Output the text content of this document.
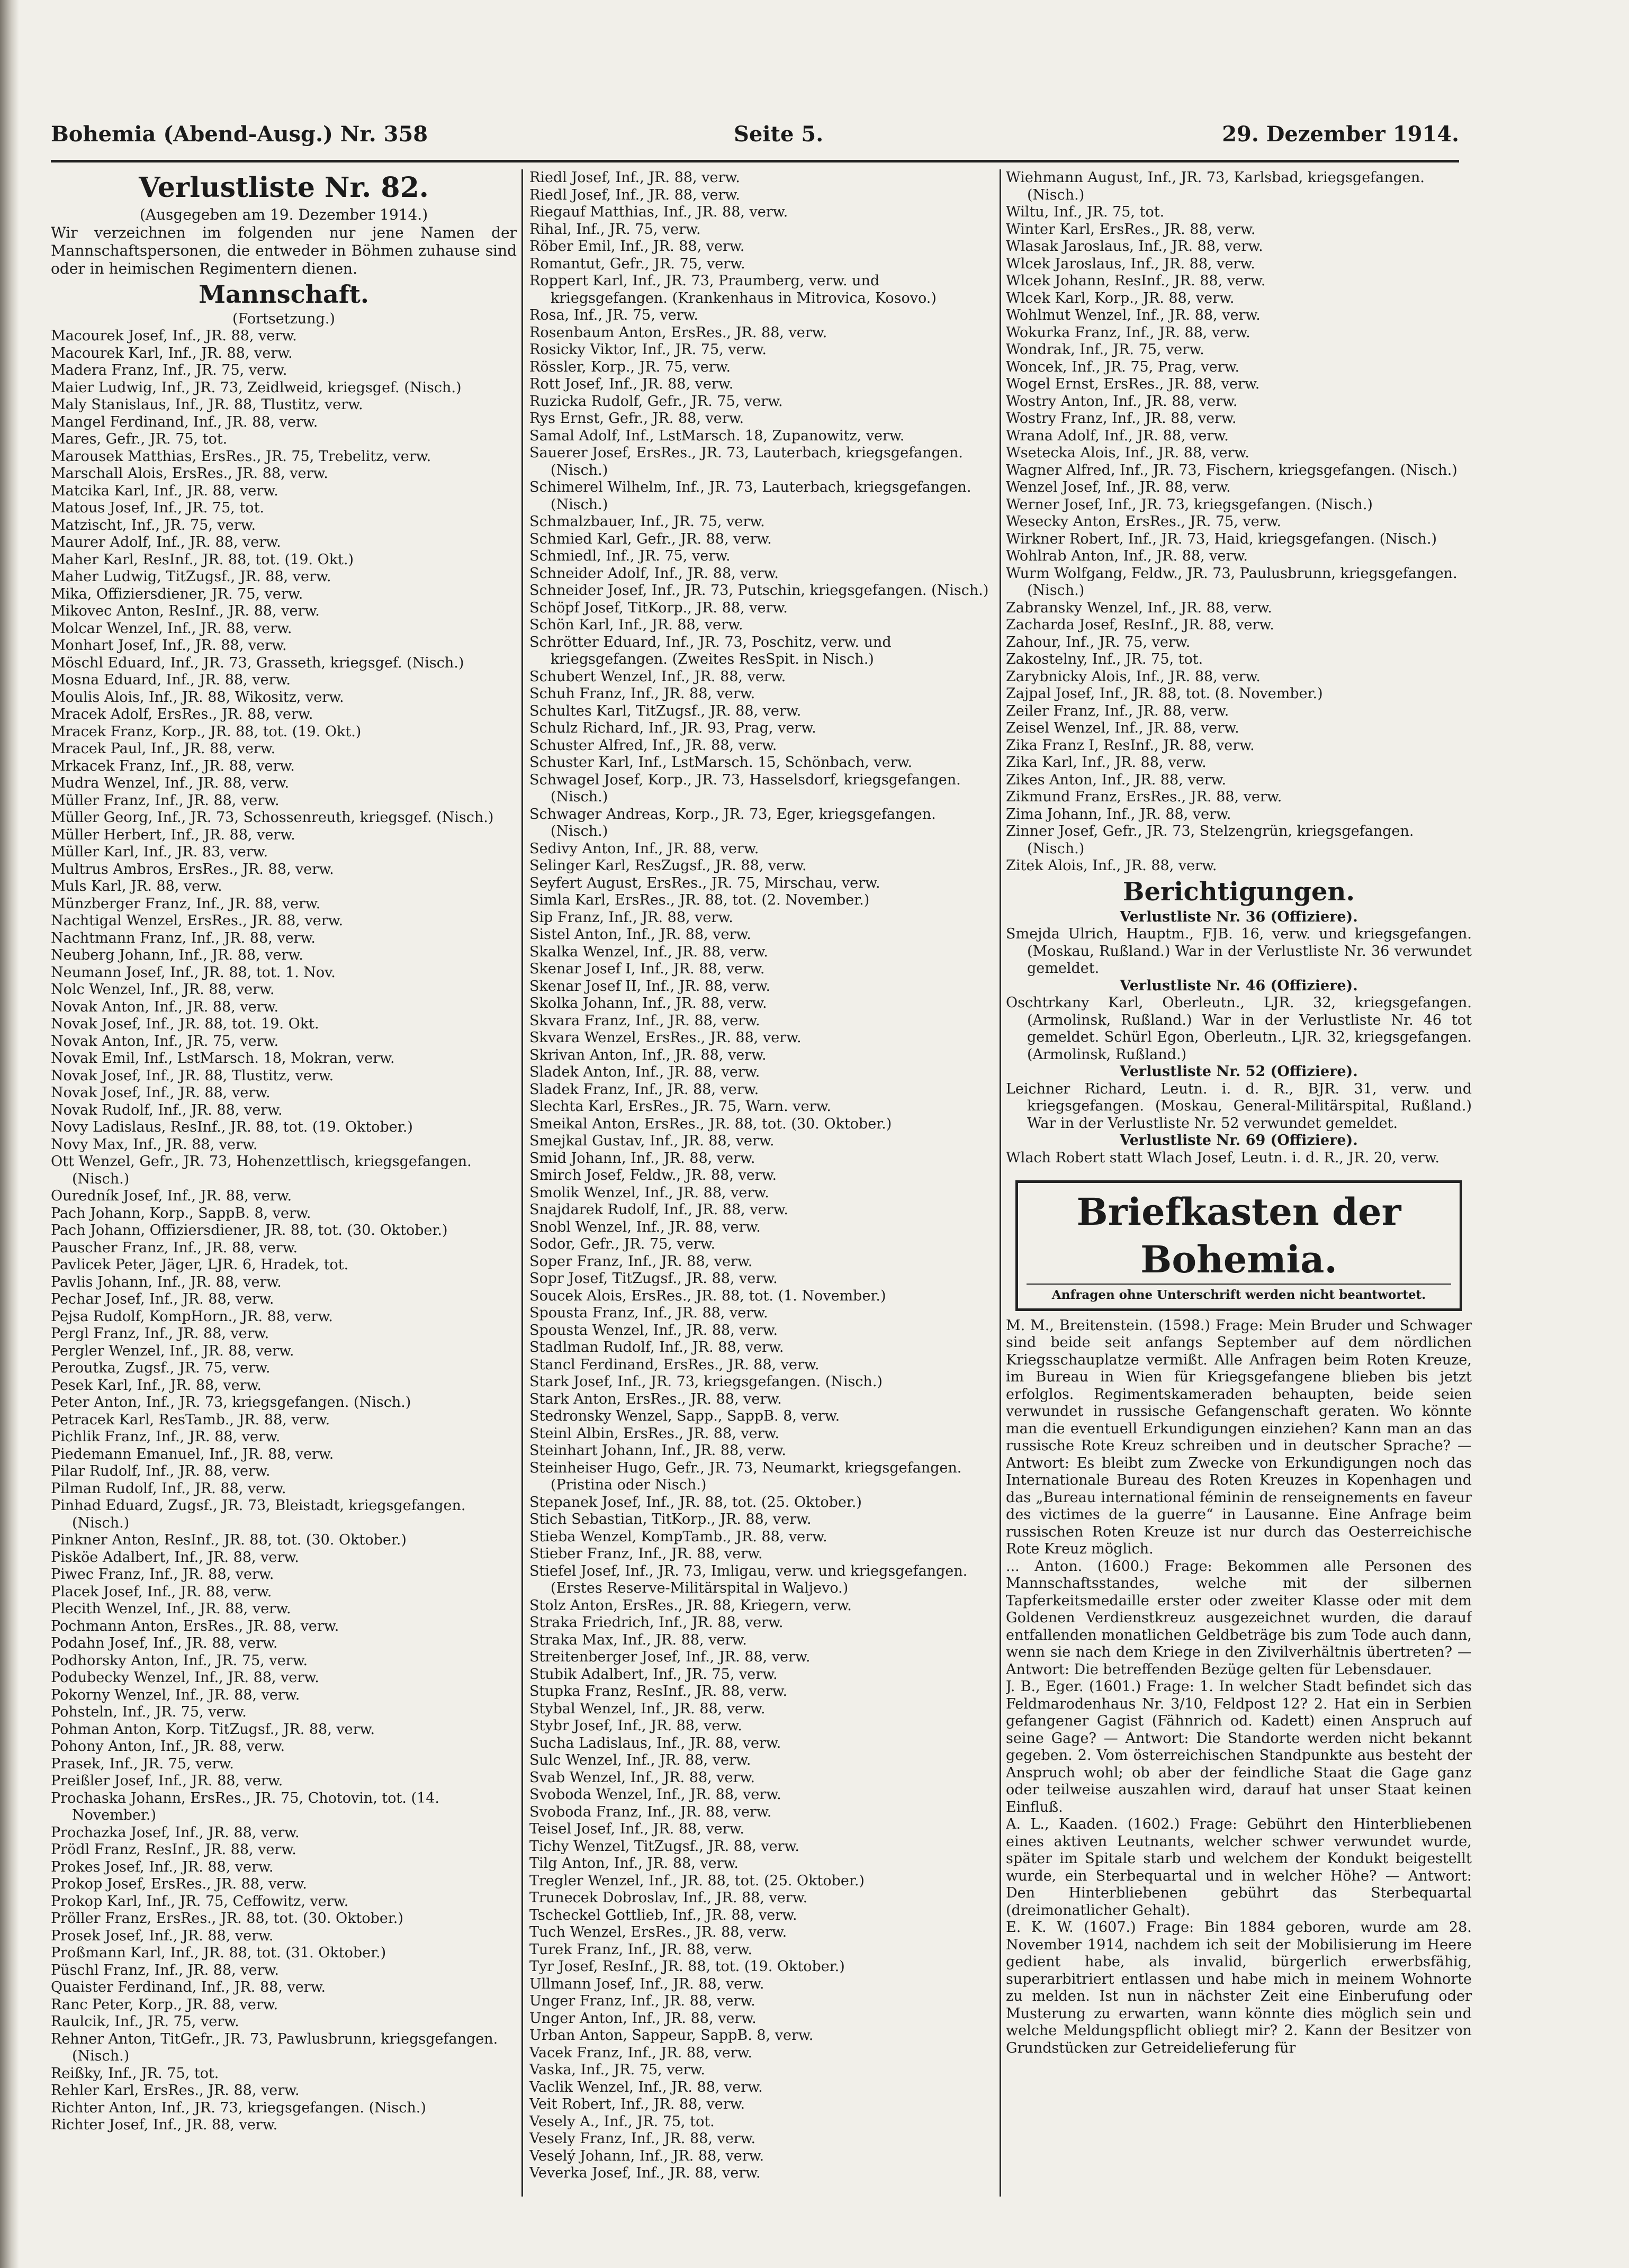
Bohemia (Abend-Ausg.) Nr. 358	Seite 5.	29. Dezember 1914.

Verlustliste Nr. 82.

(Ausgegeben am 19. Dezember 1914.)

Wir verzeichnen im folgenden nur jene Namen der Mannschaftspersonen, die entweder in Böhmen zuhause sind oder in heimischen Regimentern dienen.

Mannschaft.

(Fortsetzung.)

Macourek Josef, Inf., JR. 88, verw.

Macourek Karl, Inf., JR. 88, verw.

Madera Franz, Inf., JR. 75, verw.

Maier Ludwig, Inf., JR. 73, Zeidlweid, kriegsgef. (Nisch.)

Maly Stanislaus, Inf., JR. 88, Tlustitz, verw.

Mangel Ferdinand, Inf., JR. 88, verw.

Mares, Gefr., JR. 75, tot.

Marousek Matthias, ErsRes., JR. 75, Trebelitz, verw.

Marschall Alois, ErsRes., JR. 88, verw.

Matcika Karl, Inf., JR. 88, verw.

Matous Josef, Inf., JR. 75, tot.

Matzischt, Inf., JR. 75, verw.

Maurer Adolf, Inf., JR. 88, verw.

Maher Karl, ResInf., JR. 88, tot. (19. Okt.)

Maher Ludwig, TitZugsf., JR. 88, verw.

Mika, Offiziersdiener, JR. 75, verw.

Mikovec Anton, ResInf., JR. 88, verw.

Molcar Wenzel, Inf., JR. 88, verw.

Monhart Josef, Inf., JR. 88, verw.

Möschl Eduard, Inf., JR. 73, Grasseth, kriegsgef. (Nisch.)

Mosna Eduard, Inf., JR. 88, verw.

Moulis Alois, Inf., JR. 88, Wikositz, verw.

Mracek Adolf, ErsRes., JR. 88, verw.

Mracek Franz, Korp., JR. 88, tot. (19. Okt.)

Mracek Paul, Inf., JR. 88, verw.

Mrkacek Franz, Inf., JR. 88, verw.

Mudra Wenzel, Inf., JR. 88, verw.

Müller Franz, Inf., JR. 88, verw.

Müller Georg, Inf., JR. 73, Schossenreuth, kriegsgef. (Nisch.)

Müller Herbert, Inf., JR. 88, verw.

Müller Karl, Inf., JR. 83, verw.

Multrus Ambros, ErsRes., JR. 88, verw.

Muls Karl, JR. 88, verw.

Münzberger Franz, Inf., JR. 88, verw.

Nachtigal Wenzel, ErsRes., JR. 88, verw.

Nachtmann Franz, Inf., JR. 88, verw.

Neuberg Johann, Inf., JR. 88, verw.

Neumann Josef, Inf., JR. 88, tot. 1. Nov.

Nolc Wenzel, Inf., JR. 88, verw.

Novak Anton, Inf., JR. 88, verw.

Novak Josef, Inf., JR. 88, tot. 19. Okt.

Novak Anton, Inf., JR. 75, verw.

Novak Emil, Inf., LstMarsch. 18, Mokran, verw.

Novak Josef, Inf., JR. 88, Tlustitz, verw.

Novak Josef, Inf., JR. 88, verw.

Novak Rudolf, Inf., JR. 88, verw.

Novy Ladislaus, ResInf., JR. 88, tot. (19. Oktober.)

Novy Max, Inf., JR. 88, verw.

Ott Wenzel, Gefr., JR. 73, Hohenzettlisch, kriegsgefangen. (Nisch.)

Ouredník Josef, Inf., JR. 88, verw.

Pach Johann, Korp., SappB. 8, verw.

Pach Johann, Offiziersdiener, JR. 88, tot. (30. Oktober.)

Pauscher Franz, Inf., JR. 88, verw.

Pavlicek Peter, Jäger, LJR. 6, Hradek, tot.

Pavlis Johann, Inf., JR. 88, verw.

Pechar Josef, Inf., JR. 88, verw.

Pejsa Rudolf, KompHorn., JR. 88, verw.

Pergl Franz, Inf., JR. 88, verw.

Pergler Wenzel, Inf., JR. 88, verw.

Peroutka, Zugsf., JR. 75, verw.

Pesek Karl, Inf., JR. 88, verw.

Peter Anton, Inf., JR. 73, kriegsgefangen. (Nisch.)

Petracek Karl, ResTamb., JR. 88, verw.

Pichlik Franz, Inf., JR. 88, verw.

Piedemann Emanuel, Inf., JR. 88, verw.

Pilar Rudolf, Inf., JR. 88, verw.

Pilman Rudolf, Inf., JR. 88, verw.

Pinhad Eduard, Zugsf., JR. 73, Bleistadt, kriegsgefangen. (Nisch.)

Pinkner Anton, ResInf., JR. 88, tot. (30. Oktober.)

Pisköe Adalbert, Inf., JR. 88, verw.

Piwec Franz, Inf., JR. 88, verw.

Placek Josef, Inf., JR. 88, verw.

Plecith Wenzel, Inf., JR. 88, verw.

Pochmann Anton, ErsRes., JR. 88, verw.

Podahn Josef, Inf., JR. 88, verw.

Podhorsky Anton, Inf., JR. 75, verw.

Podubecky Wenzel, Inf., JR. 88, verw.

Pokorny Wenzel, Inf., JR. 88, verw.

Pohsteln, Inf., JR. 75, verw.

Pohman Anton, Korp. TitZugsf., JR. 88, verw.

Pohony Anton, Inf., JR. 88, verw.

Prasek, Inf., JR. 75, verw.

Preißler Josef, Inf., JR. 88, verw.

Prochaska Johann, ErsRes., JR. 75, Chotovin, tot. (14. November.)

Prochazka Josef, Inf., JR. 88, verw.

Prödl Franz, ResInf., JR. 88, verw.

Prokes Josef, Inf., JR. 88, verw.

Prokop Josef, ErsRes., JR. 88, verw.

Prokop Karl, Inf., JR. 75, Ceffowitz, verw.

Pröller Franz, ErsRes., JR. 88, tot. (30. Oktober.)

Prosek Josef, Inf., JR. 88, verw.

Proßmann Karl, Inf., JR. 88, tot. (31. Oktober.)

Püschl Franz, Inf., JR. 88, verw.

Quaister Ferdinand, Inf., JR. 88, verw.

Ranc Peter, Korp., JR. 88, verw.

Raulcik, Inf., JR. 75, verw.

Rehner Anton, TitGefr., JR. 73, Pawlusbrunn, kriegsgefangen. (Nisch.)

Reißky, Inf., JR. 75, tot.

Rehler Karl, ErsRes., JR. 88, verw.

Richter Anton, Inf., JR. 73, kriegsgefangen. (Nisch.)

Richter Josef, Inf., JR. 88, verw.

Riedl Josef, Inf., JR. 88, verw.

Riedl Josef, Inf., JR. 88, verw.

Riegauf Matthias, Inf., JR. 88, verw.

Rihal, Inf., JR. 75, verw.

Röber Emil, Inf., JR. 88, verw.

Romantut, Gefr., JR. 75, verw.

Roppert Karl, Inf., JR. 73, Praumberg, verw. und kriegsgefangen. (Krankenhaus in Mitrovica, Kosovo.)

Rosa, Inf., JR. 75, verw.

Rosenbaum Anton, ErsRes., JR. 88, verw.

Rosicky Viktor, Inf., JR. 75, verw.

Rössler, Korp., JR. 75, verw.

Rott Josef, Inf., JR. 88, verw.

Ruzicka Rudolf, Gefr., JR. 75, verw.

Rys Ernst, Gefr., JR. 88, verw.

Samal Adolf, Inf., LstMarsch. 18, Zupanowitz, verw.

Sauerer Josef, ErsRes., JR. 73, Lauterbach, kriegsgefangen. (Nisch.)

Schimerel Wilhelm, Inf., JR. 73, Lauterbach, kriegsgefangen. (Nisch.)

Schmalzbauer, Inf., JR. 75, verw.

Schmied Karl, Gefr., JR. 88, verw.

Schmiedl, Inf., JR. 75, verw.

Schneider Adolf, Inf., JR. 88, verw.

Schneider Josef, Inf., JR. 73, Putschin, kriegsgefangen. (Nisch.)

Schöpf Josef, TitKorp., JR. 88, verw.

Schön Karl, Inf., JR. 88, verw.

Schrötter Eduard, Inf., JR. 73, Poschitz, verw. und kriegsgefangen. (Zweites ResSpit. in Nisch.)

Schubert Wenzel, Inf., JR. 88, verw.

Schuh Franz, Inf., JR. 88, verw.

Schultes Karl, TitZugsf., JR. 88, verw.

Schulz Richard, Inf., JR. 93, Prag, verw.

Schuster Alfred, Inf., JR. 88, verw.

Schuster Karl, Inf., LstMarsch. 15, Schönbach, verw.

Schwagel Josef, Korp., JR. 73, Hasselsdorf, kriegsgefangen. (Nisch.)

Schwager Andreas, Korp., JR. 73, Eger, kriegsgefangen. (Nisch.)

Sedivy Anton, Inf., JR. 88, verw.

Selinger Karl, ResZugsf., JR. 88, verw.

Seyfert August, ErsRes., JR. 75, Mirschau, verw.

Simla Karl, ErsRes., JR. 88, tot. (2. November.)

Sip Franz, Inf., JR. 88, verw.

Sistel Anton, Inf., JR. 88, verw.

Skalka Wenzel, Inf., JR. 88, verw.

Skenar Josef I, Inf., JR. 88, verw.

Skenar Josef II, Inf., JR. 88, verw.

Skolka Johann, Inf., JR. 88, verw.

Skvara Franz, Inf., JR. 88, verw.

Skvara Wenzel, ErsRes., JR. 88, verw.

Skrivan Anton, Inf., JR. 88, verw.

Sladek Anton, Inf., JR. 88, verw.

Sladek Franz, Inf., JR. 88, verw.

Slechta Karl, ErsRes., JR. 75, Warn. verw.

Smeikal Anton, ErsRes., JR. 88, tot. (30. Oktober.)

Smejkal Gustav, Inf., JR. 88, verw.

Smid Johann, Inf., JR. 88, verw.

Smirch Josef, Feldw., JR. 88, verw.

Smolik Wenzel, Inf., JR. 88, verw.

Snajdarek Rudolf, Inf., JR. 88, verw.

Snobl Wenzel, Inf., JR. 88, verw.

Sodor, Gefr., JR. 75, verw.

Soper Franz, Inf., JR. 88, verw.

Sopr Josef, TitZugsf., JR. 88, verw.

Soucek Alois, ErsRes., JR. 88, tot. (1. November.)

Spousta Franz, Inf., JR. 88, verw.

Spousta Wenzel, Inf., JR. 88, verw.

Stadlman Rudolf, Inf., JR. 88, verw.

Stancl Ferdinand, ErsRes., JR. 88, verw.

Stark Josef, Inf., JR. 73, kriegsgefangen. (Nisch.)

Stark Anton, ErsRes., JR. 88, verw.

Stedronsky Wenzel, Sapp., SappB. 8, verw.

Steinl Albin, ErsRes., JR. 88, verw.

Steinhart Johann, Inf., JR. 88, verw.

Steinheiser Hugo, Gefr., JR. 73, Neumarkt, kriegsgefangen. (Pristina oder Nisch.)

Stepanek Josef, Inf., JR. 88, tot. (25. Oktober.)

Stich Sebastian, TitKorp., JR. 88, verw.

Stieba Wenzel, KompTamb., JR. 88, verw.

Stieber Franz, Inf., JR. 88, verw.

Stiefel Josef, Inf., JR. 73, Imligau, verw. und kriegsgefangen. (Erstes Reserve-Militärspital in Waljevo.)

Stolz Anton, ErsRes., JR. 88, Kriegern, verw.

Straka Friedrich, Inf., JR. 88, verw.

Straka Max, Inf., JR. 88, verw.

Streitenberger Josef, Inf., JR. 88, verw.

Stubik Adalbert, Inf., JR. 75, verw.

Stupka Franz, ResInf., JR. 88, verw.

Stybal Wenzel, Inf., JR. 88, verw.

Stybr Josef, Inf., JR. 88, verw.

Sucha Ladislaus, Inf., JR. 88, verw.

Sulc Wenzel, Inf., JR. 88, verw.

Svab Wenzel, Inf., JR. 88, verw.

Svoboda Wenzel, Inf., JR. 88, verw.

Svoboda Franz, Inf., JR. 88, verw.

Teisel Josef, Inf., JR. 88, verw.

Tichy Wenzel, TitZugsf., JR. 88, verw.

Tilg Anton, Inf., JR. 88, verw.

Tregler Wenzel, Inf., JR. 88, tot. (25. Oktober.)

Trunecek Dobroslav, Inf., JR. 88, verw.

Tscheckel Gottlieb, Inf., JR. 88, verw.

Tuch Wenzel, ErsRes., JR. 88, verw.

Turek Franz, Inf., JR. 88, verw.

Tyr Josef, ResInf., JR. 88, tot. (19. Oktober.)

Ullmann Josef, Inf., JR. 88, verw.

Unger Franz, Inf., JR. 88, verw.

Unger Anton, Inf., JR. 88, verw.

Urban Anton, Sappeur, SappB. 8, verw.

Vacek Franz, Inf., JR. 88, verw.

Vaska, Inf., JR. 75, verw.

Vaclik Wenzel, Inf., JR. 88, verw.

Veit Robert, Inf., JR. 88, verw.

Vesely A., Inf., JR. 75, tot.

Vesely Franz, Inf., JR. 88, verw.

Veselý Johann, Inf., JR. 88, verw.

Veverka Josef, Inf., JR. 88, verw.

Wiehmann August, Inf., JR. 73, Karlsbad, kriegsgefangen. (Nisch.)

Wiltu, Inf., JR. 75, tot.

Winter Karl, ErsRes., JR. 88, verw.

Wlasak Jaroslaus, Inf., JR. 88, verw.

Wlcek Jaroslaus, Inf., JR. 88, verw.

Wlcek Johann, ResInf., JR. 88, verw.

Wlcek Karl, Korp., JR. 88, verw.

Wohlmut Wenzel, Inf., JR. 88, verw.

Wokurka Franz, Inf., JR. 88, verw.

Wondrak, Inf., JR. 75, verw.

Woncek, Inf., JR. 75, Prag, verw.

Wogel Ernst, ErsRes., JR. 88, verw.

Wostry Anton, Inf., JR. 88, verw.

Wostry Franz, Inf., JR. 88, verw.

Wrana Adolf, Inf., JR. 88, verw.

Wsetecka Alois, Inf., JR. 88, verw.

Wagner Alfred, Inf., JR. 73, Fischern, kriegsgefangen. (Nisch.)

Wenzel Josef, Inf., JR. 88, verw.

Werner Josef, Inf., JR. 73, kriegsgefangen. (Nisch.)

Wesecky Anton, ErsRes., JR. 75, verw.

Wirkner Robert, Inf., JR. 73, Haid, kriegsgefangen. (Nisch.)

Wohlrab Anton, Inf., JR. 88, verw.

Wurm Wolfgang, Feldw., JR. 73, Paulusbrunn, kriegsgefangen. (Nisch.)

Zabransky Wenzel, Inf., JR. 88, verw.

Zacharda Josef, ResInf., JR. 88, verw.

Zahour, Inf., JR. 75, verw.

Zakostelny, Inf., JR. 75, tot.

Zarybnicky Alois, Inf., JR. 88, verw.

Zajpal Josef, Inf., JR. 88, tot. (8. November.)

Zeiler Franz, Inf., JR. 88, verw.

Zeisel Wenzel, Inf., JR. 88, verw.

Zika Franz I, ResInf., JR. 88, verw.

Zika Karl, Inf., JR. 88, verw.

Zikes Anton, Inf., JR. 88, verw.

Zikmund Franz, ErsRes., JR. 88, verw.

Zima Johann, Inf., JR. 88, verw.

Zinner Josef, Gefr., JR. 73, Stelzengrün, kriegsgefangen. (Nisch.)

Zitek Alois, Inf., JR. 88, verw.

Berichtigungen.

Verlustliste Nr. 36 (Offiziere).

Smejda Ulrich, Hauptm., FJB. 16, verw. und kriegsgefangen. (Moskau, Rußland.) War in der Verlustliste Nr. 36 verwundet gemeldet.

Verlustliste Nr. 46 (Offiziere).

Oschtrkany Karl, Oberleutn., LJR. 32, kriegsgefangen. (Armolinsk, Rußland.) War in der Verlustliste Nr. 46 tot gemeldet. Schürl Egon, Oberleutn., LJR. 32, kriegsgefangen. (Armolinsk, Rußland.)

Verlustliste Nr. 52 (Offiziere).

Leichner Richard, Leutn. i. d. R., BJR. 31, verw. und kriegsgefangen. (Moskau, General-Militärspital, Rußland.) War in der Verlustliste Nr. 52 verwundet gemeldet.

Verlustliste Nr. 69 (Offiziere).

Wlach Robert statt Wlach Josef, Leutn. i. d. R., JR. 20, verw.

Briefkasten der Bohemia.
Anfragen ohne Unterschrift werden nicht beantwortet.

M. M., Breitenstein. (1598.) Frage: Mein Bruder und Schwager sind beide seit anfangs September auf dem nördlichen Kriegsschauplatze vermißt. Alle Anfragen beim Roten Kreuze, im Bureau in Wien für Kriegsgefangene blieben bis jetzt erfolglos. Regimentskameraden behaupten, beide seien verwundet in russische Gefangenschaft geraten. Wo könnte man die eventuell Erkundigungen einziehen? Kann man an das russische Rote Kreuz schreiben und in deutscher Sprache? — Antwort: Es bleibt zum Zwecke von Erkundigungen noch das Internationale Bureau des Roten Kreuzes in Kopenhagen und das „Bureau international féminin de renseignements en faveur des victimes de la guerre“ in Lausanne. Eine Anfrage beim russischen Roten Kreuze ist nur durch das Oesterreichische Rote Kreuz möglich.

... Anton. (1600.) Frage: Bekommen alle Personen des Mannschaftsstandes, welche mit der silbernen Tapferkeitsmedaille erster oder zweiter Klasse oder mit dem Goldenen Verdienstkreuz ausgezeichnet wurden, die darauf entfallenden monatlichen Geldbeträge bis zum Tode auch dann, wenn sie nach dem Kriege in den Zivilverhältnis übertreten? — Antwort: Die betreffenden Bezüge gelten für Lebensdauer.

J. B., Eger. (1601.) Frage: 1. In welcher Stadt befindet sich das Feldmarodenhaus Nr. 3/10, Feldpost 12? 2. Hat ein in Serbien gefangener Gagist (Fähnrich od. Kadett) einen Anspruch auf seine Gage? — Antwort: Die Standorte werden nicht bekannt gegeben. 2. Vom österreichischen Standpunkte aus besteht der Anspruch wohl; ob aber der feindliche Staat die Gage ganz oder teilweise auszahlen wird, darauf hat unser Staat keinen Einfluß.

A. L., Kaaden. (1602.) Frage: Gebührt den Hinterbliebenen eines aktiven Leutnants, welcher schwer verwundet wurde, später im Spitale starb und welchem der Kondukt beigestellt wurde, ein Sterbequartal und in welcher Höhe? — Antwort: Den Hinterbliebenen gebührt das Sterbequartal (dreimonatlicher Gehalt).

E. K. W. (1607.) Frage: Bin 1884 geboren, wurde am 28. November 1914, nachdem ich seit der Mobilisierung im Heere gedient habe, als invalid, bürgerlich erwerbsfähig, superarbitriert entlassen und habe mich in meinem Wohnorte zu melden. Ist nun in nächster Zeit eine Einberufung oder Musterung zu erwarten, wann könnte dies möglich sein und welche Meldungspflicht obliegt mir? 2. Kann der Besitzer von Grundstücken zur Getreidelieferung für
